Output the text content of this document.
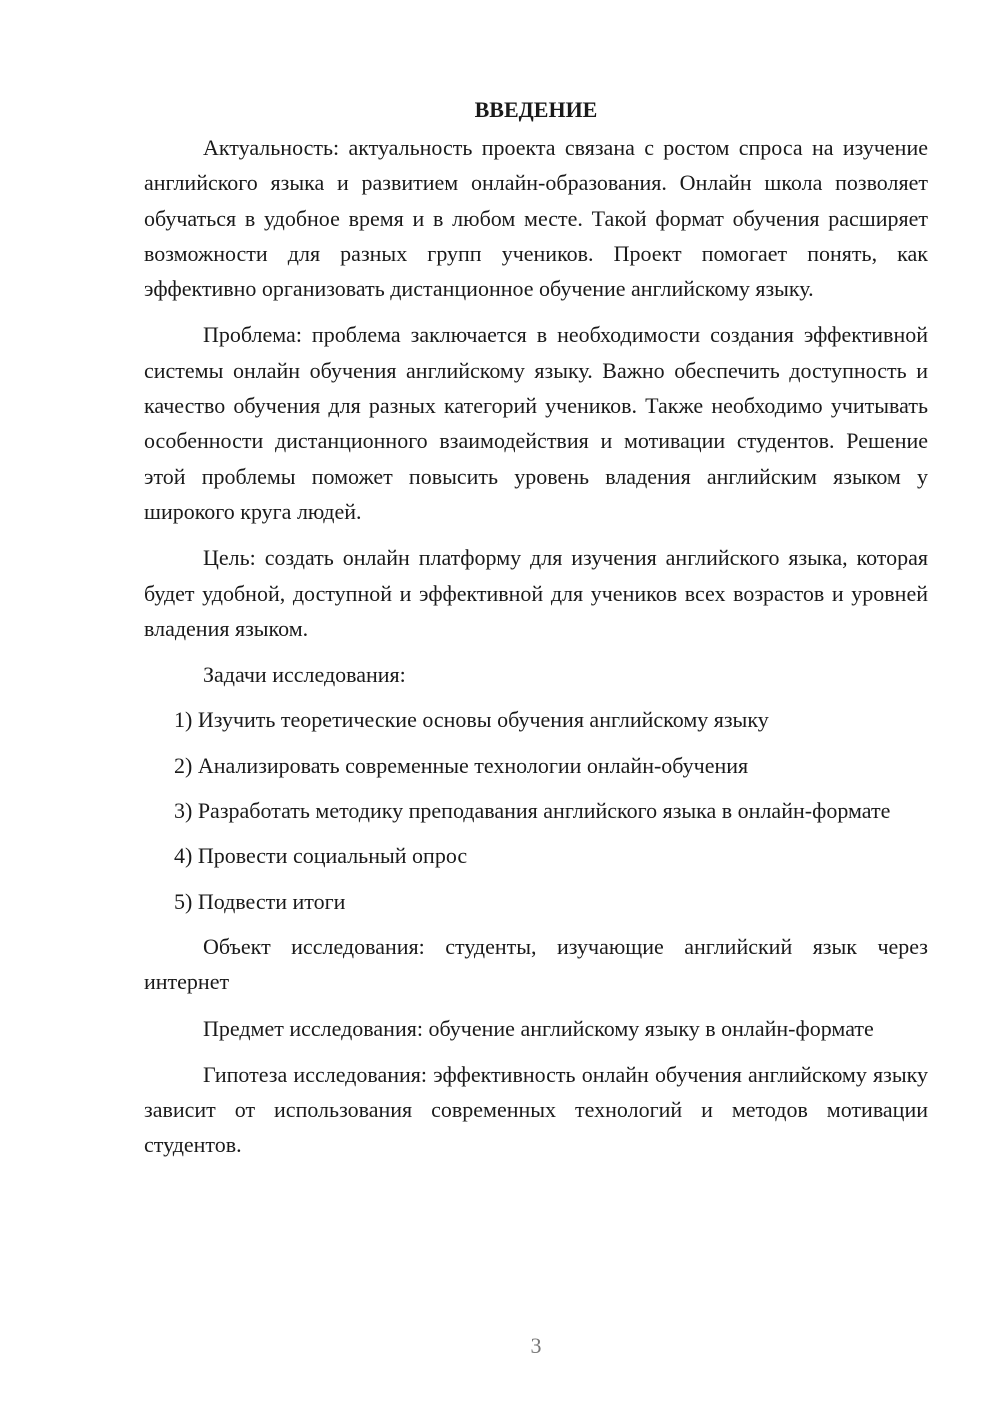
ВВЕДЕНИЕ

Актуальность: актуальность проекта связана с ростом спроса на изучение английского языка и развитием онлайн-образования. Онлайн школа позволяет обучаться в удобное время и в любом месте. Такой формат обучения расширяет возможности для разных групп учеников. Проект помогает понять, как эффективно организовать дистанционное обучение английскому языку.

Проблема: проблема заключается в необходимости создания эффективной системы онлайн обучения английскому языку. Важно обеспечить доступность и качество обучения для разных категорий учеников. Также необходимо учитывать особенности дистанционного взаимодействия и мотивации студентов. Решение этой проблемы поможет повысить уровень владения английским языком у широкого круга людей.

Цель: создать онлайн платформу для изучения английского языка, которая будет удобной, доступной и эффективной для учеников всех возрастов и уровней владения языком.

Задачи исследования:

1) Изучить теоретические основы обучения английскому языку

2) Анализировать современные технологии онлайн-обучения

3) Разработать методику преподавания английского языка в онлайн-формате

4) Провести социальный опрос

5) Подвести итоги

Объект исследования: студенты, изучающие английский язык через интернет

Предмет исследования: обучение английскому языку в онлайн-формате

Гипотеза исследования: эффективность онлайн обучения английскому языку зависит от использования современных технологий и методов мотивации студентов.

3
